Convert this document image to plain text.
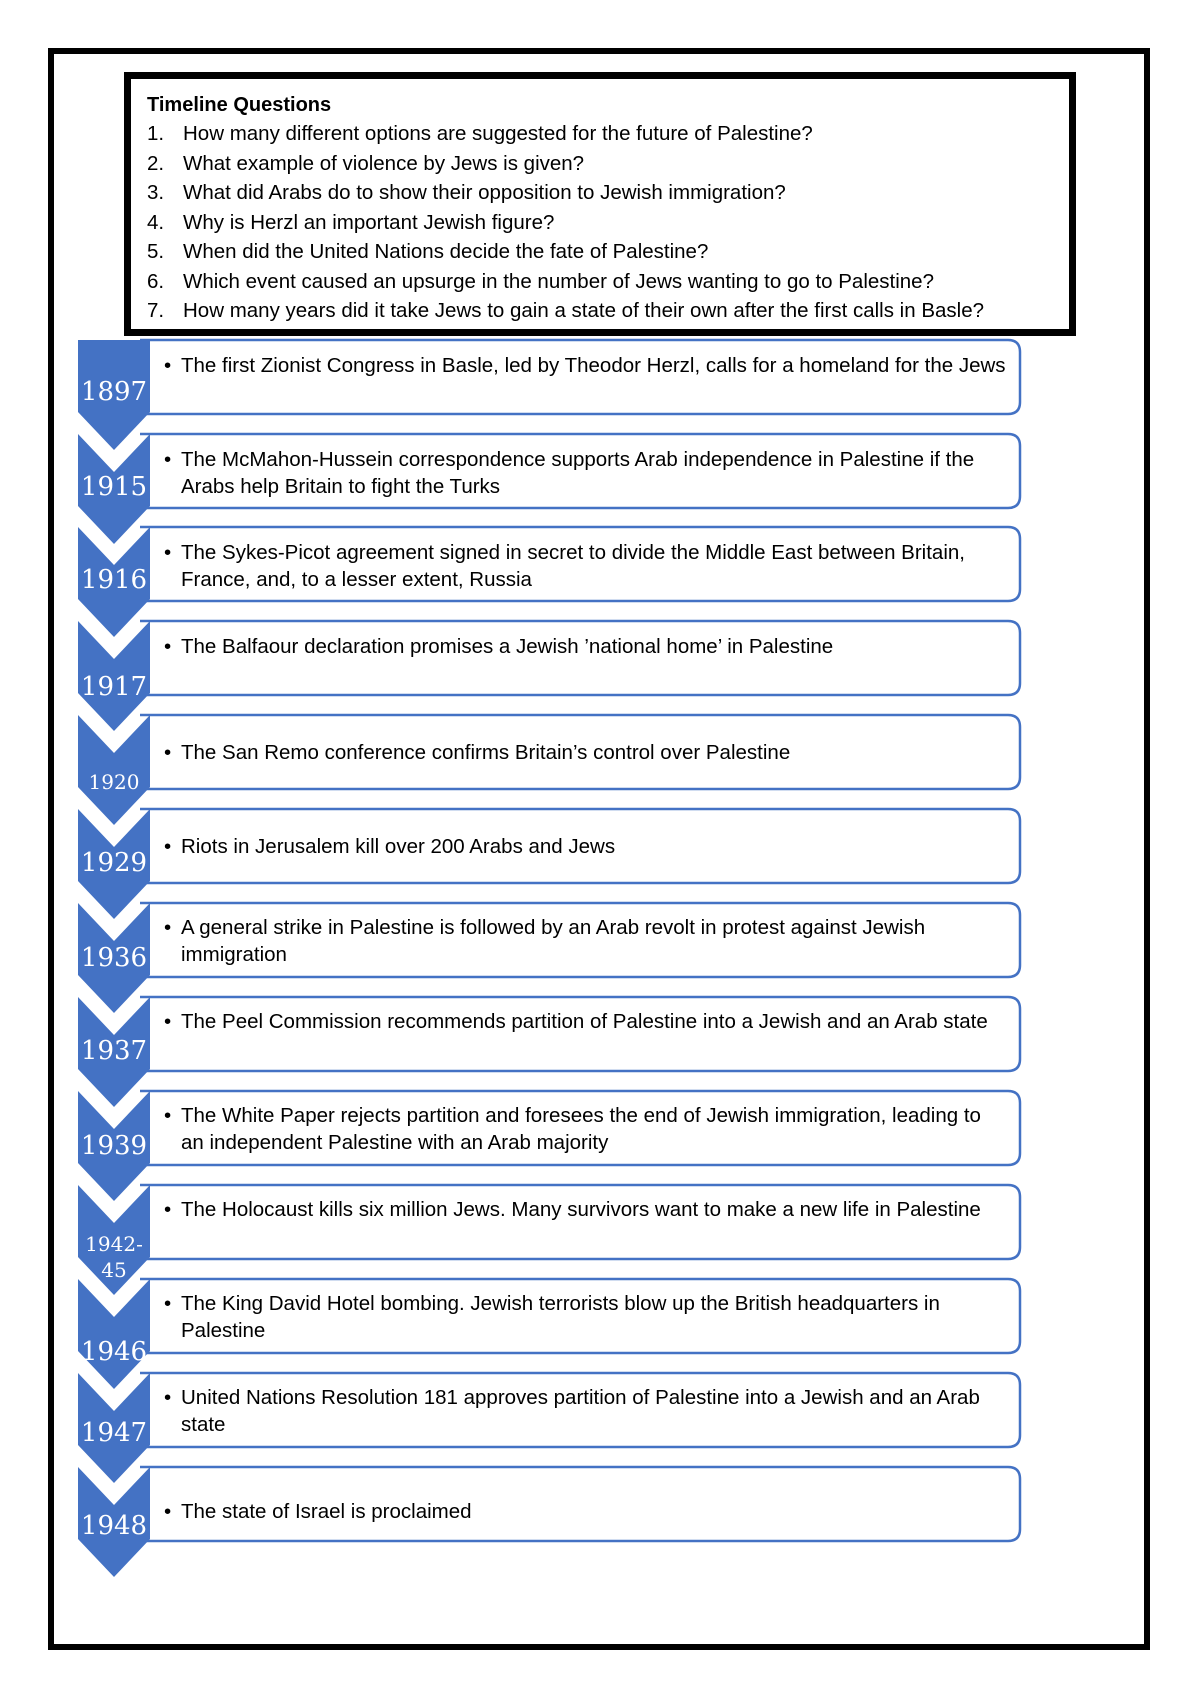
Timeline Questions
1. How many different options are suggested for the future of Palestine?
2. What example of violence by Jews is given?
3. What did Arabs do to show their opposition to Jewish immigration?
4. Why is Herzl an important Jewish figure?
5. When did the United Nations decide the fate of Palestine?
6. Which event caused an upsurge in the number of Jews wanting to go to Palestine?
7. How many years did it take Jews to gain a state of their own after the first calls in Basle?
• The first Zionist Congress in Basle, led by Theodor Herzl, calls for a homeland for the Jews
• The McMahon-Hussein correspondence supports Arab independence in Palestine if the Arabs help Britain to fight the Turks
• The Sykes-Picot agreement signed in secret to divide the Middle East between Britain, France, and, to a lesser extent, Russia
• The Balfaour declaration promises a Jewish ’national home’ in Palestine
• The San Remo conference confirms Britain’s control over Palestine
• Riots in Jerusalem kill over 200 Arabs and Jews
• A general strike in Palestine is followed by an Arab revolt in protest against Jewish immigration
• The Peel Commission recommends partition of Palestine into a Jewish and an Arab state
• The White Paper rejects partition and foresees the end of Jewish immigration, leading to an independent Palestine with an Arab majority
• The Holocaust kills six million Jews. Many survivors want to make a new life in Palestine
• The King David Hotel bombing. Jewish terrorists blow up the British headquarters in Palestine
• United Nations Resolution 181 approves partition of Palestine into a Jewish and an Arab state
• The state of Israel is proclaimed
1897
1915
1916
1917
1920
1929
1936
1937
1939
1942-
45
1946
1947
1948
